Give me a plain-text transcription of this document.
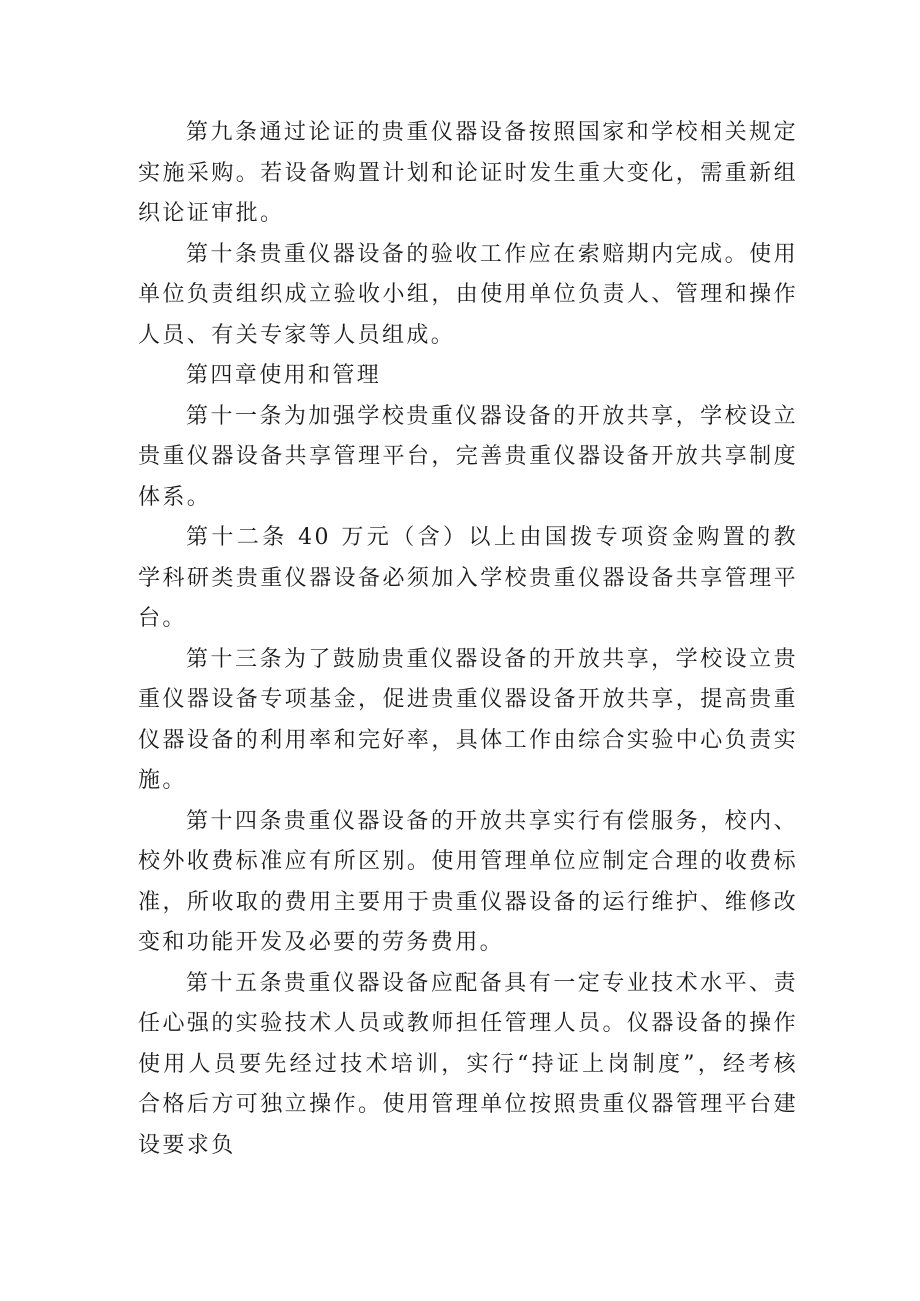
第九条通过论证的贵重仪器设备按照国家和学校相关规定实施采购。若设备购置计划和论证时发生重大变化，需重新组织论证审批。

第十条贵重仪器设备的验收工作应在索赔期内完成。使用单位负责组织成立验收小组，由使用单位负责人、管理和操作人员、有关专家等人员组成。

第四章使用和管理

第十一条为加强学校贵重仪器设备的开放共享，学校设立贵重仪器设备共享管理平台，完善贵重仪器设备开放共享制度体系。

第十二条 40 万元（含）以上由国拨专项资金购置的教学科研类贵重仪器设备必须加入学校贵重仪器设备共享管理平台。

第十三条为了鼓励贵重仪器设备的开放共享，学校设立贵重仪器设备专项基金，促进贵重仪器设备开放共享，提高贵重仪器设备的利用率和完好率，具体工作由综合实验中心负责实施。

第十四条贵重仪器设备的开放共享实行有偿服务，校内、校外收费标准应有所区别。使用管理单位应制定合理的收费标准，所收取的费用主要用于贵重仪器设备的运行维护、维修改变和功能开发及必要的劳务费用。

第十五条贵重仪器设备应配备具有一定专业技术水平、责任心强的实验技术人员或教师担任管理人员。仪器设备的操作使用人员要先经过技术培训，实行“持证上岗制度”，经考核合格后方可独立操作。使用管理单位按照贵重仪器管理平台建设要求负
